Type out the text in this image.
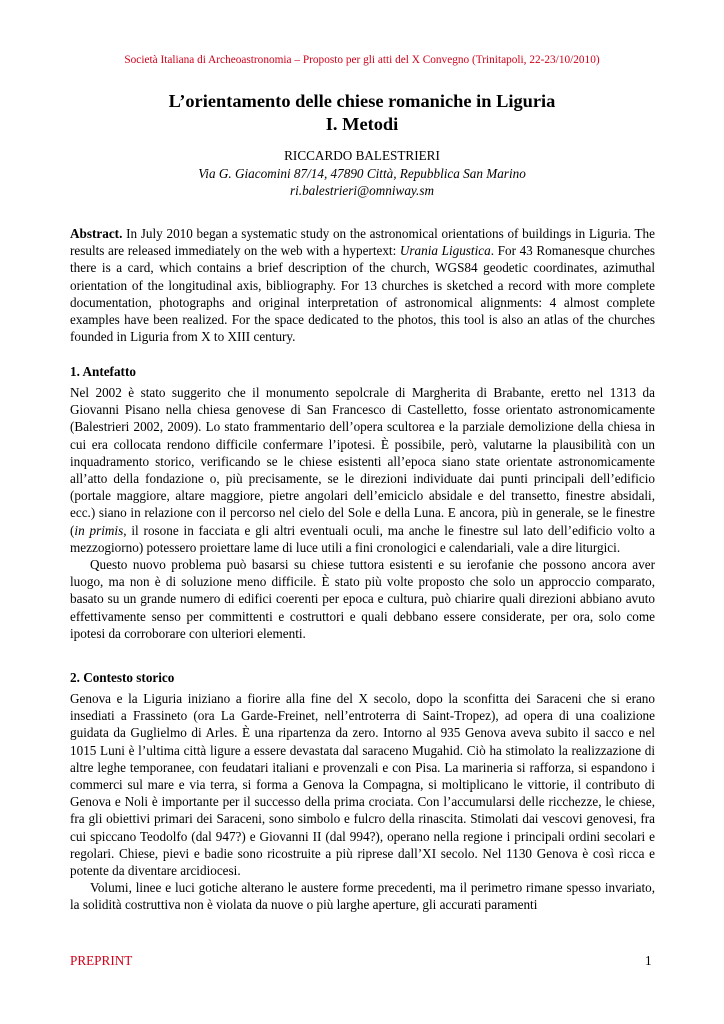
Società Italiana di Archeoastronomia – Proposto per gli atti del X Convegno (Trinitapoli, 22-23/10/2010)
L’orientamento delle chiese romaniche in Liguria
I. Metodi
RICCARDO BALESTRIERI
Via G. Giacomini 87/14, 47890 Città, Repubblica San Marino
ri.balestrieri@omniway.sm

Abstract. In July 2010 began a systematic study on the astronomical orientations of buildings in Liguria. The results are released immediately on the web with a hypertext: Urania Ligustica. For 43 Romanesque churches there is a card, which contains a brief description of the church, WGS84 geodetic coordinates, azimuthal orientation of the longitudinal axis, bibliography. For 13 churches is sketched a record with more complete documentation, photographs and original interpretation of astronomical alignments: 4 almost complete examples have been realized. For the space dedicated to the photos, this tool is also an atlas of the churches founded in Liguria from X to XIII century.

1. Antefatto

Nel 2002 è stato suggerito che il monumento sepolcrale di Margherita di Brabante, eretto nel 1313 da Giovanni Pisano nella chiesa genovese di San Francesco di Castelletto, fosse orientato astronomicamente (Balestrieri 2002, 2009). Lo stato frammentario dell’opera scultorea e la parziale demolizione della chiesa in cui era collocata rendono difficile confermare l’ipotesi. È possibile, però, valutarne la plausibilità con un inquadramento storico, verificando se le chiese esistenti all’epoca siano state orientate astronomicamente all’atto della fondazione o, più precisamente, se le direzioni individuate dai punti principali dell’edificio (portale maggiore, altare maggiore, pietre angolari dell’emiciclo absidale e del transetto, finestre absidali, ecc.) siano in relazione con il percorso nel cielo del Sole e della Luna. E ancora, più in generale, se le finestre (in primis, il rosone in facciata e gli altri eventuali oculi, ma anche le finestre sul lato dell’edificio volto a mezzogiorno) potessero proiettare lame di luce utili a fini cronologici e calendariali, vale a dire liturgici.

Questo nuovo problema può basarsi su chiese tuttora esistenti e su ierofanie che possono ancora aver luogo, ma non è di soluzione meno difficile. È stato più volte proposto che solo un approccio comparato, basato su un grande numero di edifici coerenti per epoca e cultura, può chiarire quali direzioni abbiano avuto effettivamente senso per committenti e costruttori e quali debbano essere considerate, per ora, solo come ipotesi da corroborare con ulteriori elementi.

2. Contesto storico

Genova e la Liguria iniziano a fiorire alla fine del X secolo, dopo la sconfitta dei Saraceni che si erano insediati a Frassineto (ora La Garde-Freinet, nell’entroterra di Saint-Tropez), ad opera di una coalizione guidata da Guglielmo di Arles. È una ripartenza da zero. Intorno al 935 Genova aveva subito il sacco e nel 1015 Luni è l’ultima città ligure a essere devastata dal saraceno Mugahid. Ciò ha stimolato la realizzazione di altre leghe temporanee, con feudatari italiani e provenzali e con Pisa. La marineria si rafforza, si espandono i commerci sul mare e via terra, si forma a Genova la Compagna, si moltiplicano le vittorie, il contributo di Genova e Noli è importante per il successo della prima crociata. Con l’accumularsi delle ricchezze, le chiese, fra gli obiettivi primari dei Saraceni, sono simbolo e fulcro della rinascita. Stimolati dai vescovi genovesi, fra cui spiccano Teodolfo (dal 947?) e Giovanni II (dal 994?), operano nella regione i principali ordini secolari e regolari. Chiese, pievi e badie sono ricostruite a più riprese dall’XI secolo. Nel 1130 Genova è così ricca e potente da diventare arcidiocesi.

Volumi, linee e luci gotiche alterano le austere forme precedenti, ma il perimetro rimane spesso invariato, la solidità costruttiva non è violata da nuove o più larghe aperture, gli accurati paramenti

PREPRINT	1
